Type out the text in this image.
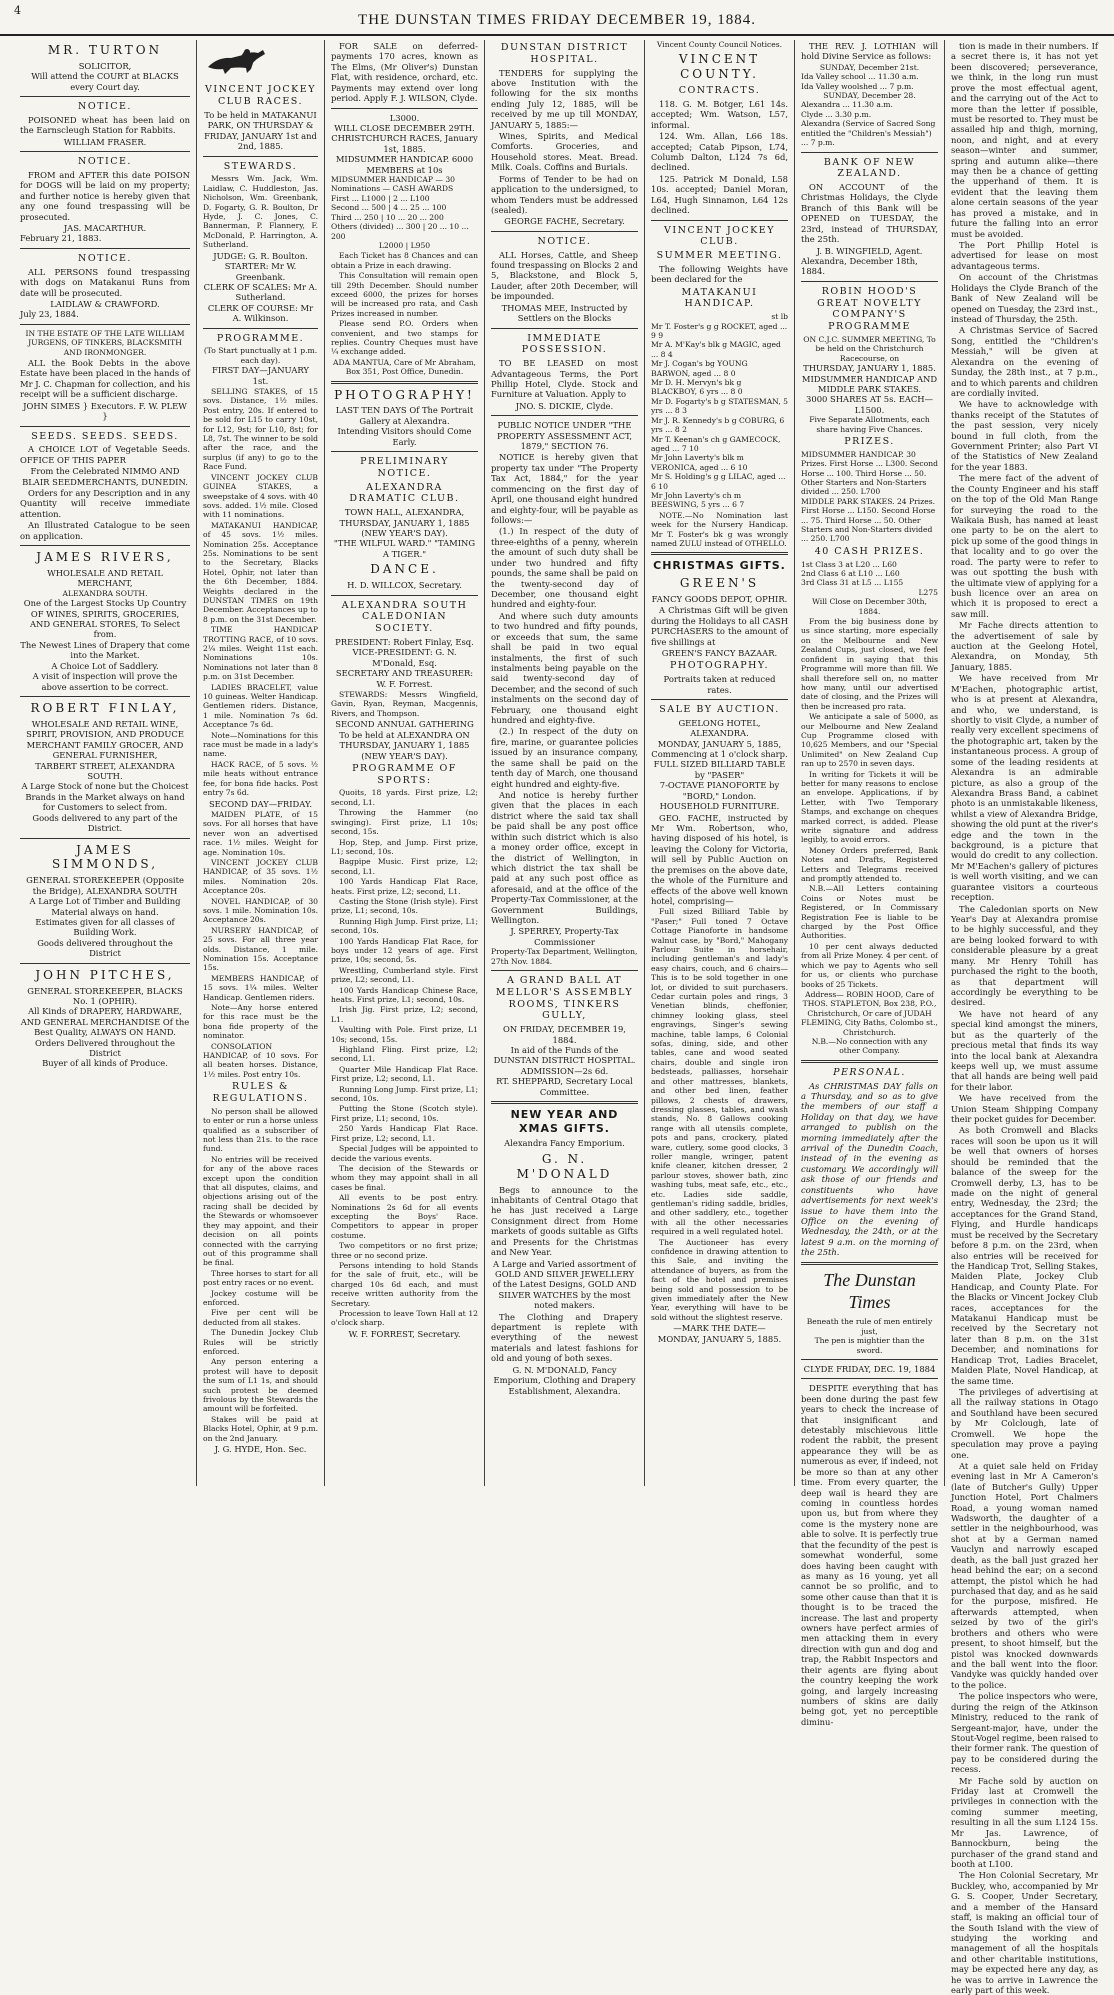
4
THE DUNSTAN TIMES FRIDAY DECEMBER 19, 1884.
MR. TURTON
SOLICITOR,
Will attend the COURT at BLACKS every Court day.
NOTICE.

POISONED wheat has been laid on the Earnscleugh Station for Rabbits.

WILLIAM FRASER.
NOTICE.

FROM and AFTER this date POISON for DOGS will be laid on my property; and further notice is hereby given that any one found trespassing will be prosecuted.

JAS. MACARTHUR.
February 21, 1883.
NOTICE.

ALL PERSONS found trespassing with dogs on Matakanui Runs from date will be prosecuted.

LAIDLAW & CRAWFORD.
July 23, 1884.
IN THE ESTATE OF THE LATE WILLIAM JURGENS, OF TINKERS, BLACKSMITH AND IRONMONGER.

ALL the Book Debts in the above Estate have been placed in the hands of Mr J. C. Chapman for collection, and his receipt will be a sufficient discharge.

JOHN SIMES } Executors. F. W. PLEW }
SEEDS. SEEDS. SEEDS.

A CHOICE LOT of Vegetable Seeds. OFFICE OF THIS PAPER

From the Celebrated NIMMO AND BLAIR SEEDMERCHANTS, DUNEDIN.

Orders for any Description and in any Quantity will receive immediate attention.

An Illustrated Catalogue to be seen on application.

JAMES RIVERS,
WHOLESALE AND RETAIL MERCHANT,
ALEXANDRA SOUTH.
One of the Largest Stocks Up Country OF WINES, SPIRITS, GROCERIES, AND GENERAL STORES, To Select from.
The Newest Lines of Drapery that come into the Market.
A Choice Lot of Saddlery.
A visit of inspection will prove the above assertion to be correct.
ROBERT FINLAY,
WHOLESALE AND RETAIL WINE, SPIRIT, PROVISION, AND PRODUCE MERCHANT FAMILY GROCER, AND GENERAL FURNISHER,
TARBERT STREET, ALEXANDRA SOUTH.
A Large Stock of none but the Choicest Brands in the Market always on hand for Customers to select from.
Goods delivered to any part of the District.
JAMES SIMMONDS,
GENERAL STOREKEEPER (Opposite the Bridge), ALEXANDRA SOUTH
A Large Lot of Timber and Building Material always on hand.
Estimates given for all classes of Building Work.
Goods delivered throughout the District
JOHN PITCHES,
GENERAL STOREKEEPER, BLACKS No. 1 (OPHIR).
All Kinds of DRAPERY, HARDWARE, AND GENERAL MERCHANDISE Of the Best Quality, ALWAYS ON HAND.
Orders Delivered throughout the District
Buyer of all kinds of Produce.
VINCENT JOCKEY CLUB RACES.
To be held in MATAKANUI PARK, ON THURSDAY & FRIDAY, JANUARY 1st and 2nd, 1885.
STEWARDS.

Messrs Wm. Jack, Wm. Laidlaw, C. Huddleston, Jas. Nicholson, Wm. Greenbank, D. Fogarty, G. R. Boulton, Dr Hyde, J. C. Jones, C. Bannerman, P. Flannery, F. McDonald, P. Harrington, A. Sutherland.

JUDGE: G. R. Boulton.
STARTER: Mr W. Greenbank.
CLERK OF SCALES: Mr A. Sutherland.
CLERK OF COURSE: Mr A. Wilkinson.
PROGRAMME.
(To Start punctually at 1 p.m. each day).
FIRST DAY—JANUARY 1st.

SELLING STAKES, of 15 sovs. Distance, 1½ miles. Post entry, 20s. If entered to be sold for L15 to carry 10st, for L12, 9st; for L10, 8st; for L8, 7st. The winner to be sold after the race, and the surplus (if any) to go to the Race Fund.

VINCENT JOCKEY CLUB GUINEA STAKES, a sweepstake of 4 sovs. with 40 sovs. added. 1½ mile. Closed with 11 nominations.

MATAKANUI HANDICAP, of 45 sovs. 1½ miles. Nomination 25s. Acceptance 25s. Nominations to be sent to the Secretary, Blacks Hotel, Ophir, not later than the 6th December, 1884. Weights declared in the DUNSTAN TIMES on 19th December. Acceptances up to 8 p.m. on the 31st December.

TIME HANDICAP TROTTING RACE, of 10 sovs. 2¼ miles. Weight 11st each. Nominations 10s. Nominations not later than 8 p.m. on 31st December.

LADIES BRACELET, value 10 guineas. Welter Handicap. Gentlemen riders. Distance, 1 mile. Nomination 7s 6d. Acceptance 7s 6d.

Note—Nominations for this race must be made in a lady's name.

HACK RACE, of 5 sovs. ½ mile heats without entrance fee, for bona fide hacks. Post entry 7s 6d.

SECOND DAY—FRIDAY.

MAIDEN PLATE, of 15 sovs. For all horses that have never won an advertised race. 1½ miles. Weight for age. Nomination 10s.

VINCENT JOCKEY CLUB HANDICAP, of 35 sovs. 1½ miles. Nomination 20s. Acceptance 20s.

NOVEL HANDICAP, of 30 sovs. 1 mile. Nomination 10s. Acceptance 20s.

NURSERY HANDICAP, of 25 sovs. For all three year olds. Distance, 1 mile. Nomination 15s. Acceptance 15s.

MEMBERS HANDICAP, of 15 sovs. 1¼ miles. Welter Handicap. Gentlemen riders.

Note—Any horse entered for this race must be the bona fide property of the nominator.

CONSOLATION HANDICAP, of 10 sovs. For all beaten horses. Distance, 1½ miles. Post entry 10s.

RULES & REGULATIONS.

No person shall be allowed to enter or run a horse unless qualified as a subscriber of not less than 21s. to the race fund.

No entries will be received for any of the above races except upon the condition that all disputes, claims, and objections arising out of the racing shall be decided by the Stewards or whomsoever they may appoint, and their decision on all points connected with the carrying out of this programme shall be final.

Three horses to start for all post entry races or no event.

Jockey costume will be enforced.

Five per cent will be deducted from all stakes.

The Dunedin Jockey Club Rules will be strictly enforced.

Any person entering a protest will have to deposit the sum of L1 1s, and should such protest be deemed frivolous by the Stewards the amount will be forfeited.

Stakes will be paid at Blacks Hotel, Ophir, at 9 p.m. on the 2nd January.

J. G. HYDE, Hon. Sec.

FOR SALE on deferred-payments 170 acres, known as The Elms, (Mr Oliver's) Dunstan Flat, with residence, orchard, etc. Payments may extend over long period. Apply F. J. WILSON, Clyde.

L3000.
WILL CLOSE DECEMBER 29TH.
CHRISTCHURCH RACES, January 1st, 1885.
MIDSUMMER HANDICAP. 6000 MEMBERS at 10s
MIDSUMMER HANDICAP — 30 Nominations — CASH AWARDS
First ... L1000 | 2 ... L100
Second ... 500 | 4 ... 25 ... 100
Third ... 250 | 10 ... 20 ... 200
Others (divided) ... 300 | 20 ... 10 ... 200
L2000 | L950

Each Ticket has 8 Chances and can obtain a Prize in each drawing.

This Consultation will remain open till 29th December. Should number exceed 6000, the prizes for horses will be increased pro rata, and Cash Prizes increased in number.

Please send P.O. Orders when convenient, and two stamps for replies. Country Cheques must have ¼ exchange added.

ADA MANTUA, Care of Mr Abraham, Box 351, Post Office, Dunedin.
PHOTOGRAPHY!
LAST TEN DAYS Of The Portrait Gallery at Alexandra.
Intending Visitors should Come Early.
PRELIMINARY NOTICE.
ALEXANDRA DRAMATIC CLUB.
TOWN HALL, ALEXANDRA, THURSDAY, JANUARY 1, 1885 (NEW YEAR'S DAY).
"THE WILFUL WARD." "TAMING A TIGER."
DANCE.
H. D. WILLCOX, Secretary.
ALEXANDRA SOUTH CALEDONIAN SOCIETY.
PRESIDENT: Robert Finlay, Esq.
VICE-PRESIDENT: G. N. M'Donald, Esq.
SECRETARY AND TREASURER: W. F. Forrest.

STEWARDS: Messrs Wingfield, Gavin, Ryan, Reyman, Macgennis, Rivers, and Thompson.

SECOND ANNUAL GATHERING To be held at ALEXANDRA ON THURSDAY, JANUARY 1, 1885 (NEW YEAR'S DAY).
PROGRAMME OF SPORTS:

Quoits, 18 yards. First prize, L2; second, L1.

Throwing the Hammer (no swinging). First prize, L1 10s; second, 15s.

Hop, Step, and Jump. First prize, L1; second, 10s.

Bagpipe Music. First prize, L2; second, L1.

100 Yards Handicap Flat Race, heats. First prize, L2; second, L1.

Casting the Stone (Irish style). First prize, L1; second, 10s.

Running High Jump. First prize, L1; second, 10s.

100 Yards Handicap Flat Race, for boys under 12 years of age. First prize, 10s; second, 5s.

Wrestling, Cumberland style. First prize, L2; second, L1.

100 Yards Handicap Chinese Race, heats. First prize, L1; second, 10s.

Irish Jig. First prize, L2; second, L1.

Vaulting with Pole. First prize, L1 10s; second, 15s.

Highland Fling. First prize, L2; second, L1.

Quarter Mile Handicap Flat Race. First prize, L2; second, L1.

Running Long Jump. First prize, L1; second, 10s.

Putting the Stone (Scotch style). First prize, L1; second, 10s.

250 Yards Handicap Flat Race. First prize, L2; second, L1.

Special Judges will be appointed to decide the various events.

The decision of the Stewards or whom they may appoint shall in all cases be final.

All events to be post entry. Nominations 2s 6d for all events excepting the Boys' Race. Competitors to appear in proper costume.

Two competitors or no first prize; three or no second prize.

Persons intending to hold Stands for the sale of fruit, etc., will be charged 10s 6d each, and must receive written authority from the Secretary.

Procession to leave Town Hall at 12 o'clock sharp.

W. F. FORREST, Secretary.
DUNSTAN DISTRICT HOSPITAL.

TENDERS for supplying the above Institution with the following for the six months ending July 12, 1885, will be received by me up till MONDAY, JANUARY 5, 1885:—

Wines, Spirits, and Medical Comforts. Groceries, and Household stores. Meat. Bread. Milk. Coals. Coffins and Burials.

Forms of Tender to be had on application to the undersigned, to whom Tenders must be addressed (sealed).

GEORGE FACHE, Secretary.
NOTICE.

ALL Horses, Cattle, and Sheep found trespassing on Blocks 2 and 5, Blackstone, and Block 5, Lauder, after 20th December, will be impounded.

THOMAS MEE, Instructed by Settlers on the Blocks
IMMEDIATE POSSESSION.

TO BE LEASED on most Advantageous Terms, the Port Phillip Hotel, Clyde. Stock and Furniture at Valuation. Apply to

JNO. S. DICKIE, Clyde.
PUBLIC NOTICE UNDER "THE PROPERTY ASSESSMENT ACT, 1879," SECTION 76.

NOTICE is hereby given that property tax under "The Property Tax Act, 1884," for the year commencing on the first day of April, one thousand eight hundred and eighty-four, will be payable as follows:—

(1.) In respect of the duty of three-eighths of a penny, wherein the amount of such duty shall be under two hundred and fifty pounds, the same shall be paid on the twenty-second day of December, one thousand eight hundred and eighty-four.

And where such duty amounts to two hundred and fifty pounds, or exceeds that sum, the same shall be paid in two equal instalments, the first of such instalments being payable on the said twenty-second day of December, and the second of such instalments on the second day of February, one thousand eight hundred and eighty-five.

(2.) In respect of the duty on fire, marine, or guarantee policies issued by an insurance company, the same shall be paid on the tenth day of March, one thousand eight hundred and eighty-five.

And notice is hereby further given that the places in each district where the said tax shall be paid shall be any post office within such district which is also a money order office, except in the district of Wellington, in which district the tax shall be paid at any such post office as aforesaid, and at the office of the Property-Tax Commissioner, at the Government Buildings, Wellington.

J. SPERREY, Property-Tax Commissioner
Property-Tax Department, Wellington, 27th Nov. 1884.
A GRAND BALL AT MELLOR'S ASSEMBLY ROOMS, TINKERS GULLY,
ON FRIDAY, DECEMBER 19, 1884.
In aid of the Funds of the DUNSTAN DISTRICT HOSPITAL.
ADMISSION—2s 6d.
RT. SHEPPARD, Secretary Local Committee.
NEW YEAR AND XMAS GIFTS.
Alexandra Fancy Emporium.
G. N. M'DONALD

Begs to announce to the inhabitants of Central Otago that he has just received a Large Consignment direct from Home markets of goods suitable as Gifts and Presents for the Christmas and New Year.

A Large and Varied assortment of GOLD AND SILVER JEWELLERY of the Latest Designs, GOLD AND SILVER WATCHES by the most noted makers.

The Clothing and Drapery department is replete with everything of the newest materials and latest fashions for old and young of both sexes.

G. N. M'DONALD, Fancy Emporium, Clothing and Drapery Establishment, Alexandra.
Vincent County Council Notices.
VINCENT COUNTY.
CONTRACTS.

118. G. M. Botger, L61 14s. accepted; Wm. Watson, L57, informal.

124. Wm. Allan, L66 18s. accepted; Catab Pipson, L74, Columb Dalton, L124 7s 6d, declined.

125. Patrick M Donald, L58 10s. accepted; Daniel Moran, L64, Hugh Sinnamon, L64 12s declined.

VINCENT JOCKEY CLUB.
SUMMER MEETING.

The following Weights have been declared for the

MATAKANUI HANDICAP.
st lb
Mr T. Foster's g g ROCKET, aged ... 9 9
Mr A. M'Kay's blk g MAGIC, aged ... 8 4
Mr J. Cogan's bg YOUNG BARWON, aged ... 8 0
Mr D. H. Mervyn's bk g BLACKBOY, 6 yrs ... 8 0
Mr D. Fogarty's b g STATESMAN, 5 yrs ... 8 3
Mr J. R. Kennedy's b g COBURG, 6 yrs ... 8 2
Mr T. Keenan's ch g GAMECOCK, aged ... 7 10
Mr John Laverty's blk m VERONICA, aged ... 6 10
Mr S. Holding's g g LILAC, aged ... 6 10
Mr John Laverty's ch m BEESWING, 5 yrs ... 6 7

NOTE.—No Nomination last week for the Nursery Handicap. Mr T. Foster's bk g was wrongly named ZULU instead of OTHELLO.

CHRISTMAS GIFTS.
GREEN'S
FANCY GOODS DEPOT, OPHIR.

A Christmas Gift will be given during the Holidays to all CASH PURCHASERS to the amount of five shillings at

GREEN'S FANCY BAZAAR.
PHOTOGRAPHY.
Portraits taken at reduced rates.
SALE BY AUCTION.
GEELONG HOTEL, ALEXANDRA.
MONDAY, JANUARY 5, 1885,
Commencing at 1 o'clock sharp.
FULL SIZED BILLIARD TABLE by "PASER"
7-OCTAVE PIANOFORTE by "BORD," London.
HOUSEHOLD FURNITURE.

GEO. FACHE, instructed by Mr Wm. Robertson, who, having disposed of his hotel, is leaving the Colony for Victoria, will sell by Public Auction on the premises on the above date, the whole of the Furniture and effects of the above well known hotel, comprising—

Full sized Billiard Table by "Paser;" Full toned 7 Octave Cottage Pianoforte in handsome walnut case, by "Bord," Mahogany Parlour Suite in horsehair, including gentleman's and lady's easy chairs, couch, and 6 chairs—This is to be sold together in one lot, or divided to suit purchasers. Cedar curtain poles and rings, 3 Venetian blinds, cheffonier, chimney looking glass, steel engravings, Singer's sewing machine, table lamps, 6 Colonial sofas, dining, side, and other tables, cane and wood seated chairs, double and single iron bedsteads, palliasses, horsehair and other mattresses, blankets, and other bed linen, feather pillows, 2 chests of drawers, dressing glasses, tables, and wash stands, No. 8 Gallows cooking range with all utensils complete, pots and pans, crockery, plated ware, cutlery, some good clocks, 3 roller mangle, wringer, patent knife cleaner, kitchen dresser, 2 parlour stoves, shower bath, zinc washing tubs, meat safe, etc., etc., etc. Ladies side saddle, gentleman's riding saddle, bridles, and other saddlery, etc., together with all the other necessaries required in a well regulated hotel.

The Auctioneer has every confidence in drawing attention to this Sale, and inviting the attendance of buyers, as from the fact of the hotel and premises being sold and possession to be given immediately after the New Year, everything will have to be sold without the slightest reserve.

—MARK THE DATE—
MONDAY, JANUARY 5, 1885.

THE REV. J. LOTHIAN will hold Divine Service as follows:

SUNDAY, December 21st.
Ida Valley school ... 11.30 a.m.
Ida Valley woolshed ... 7 p.m.
SUNDAY, December 28.
Alexandra ... 11.30 a.m.
Clyde ... 3.30 p.m.
Alexandra (Service of Sacred Song entitled the "Children's Messiah") ... 7 p.m.
BANK OF NEW ZEALAND.

ON ACCOUNT of the Christmas Holidays, the Clyde Branch of this Bank will be OPENED on TUESDAY, the 23rd, instead of THURSDAY, the 25th.

J. B. WINGFIELD, Agent.
Alexandra, December 18th, 1884.
ROBIN HOOD'S GREAT NOVELTY COMPANY'S PROGRAMME
ON C.J.C. SUMMER MEETING, To be held on the Christchurch Racecourse, on
THURSDAY, JANUARY 1, 1885.
MIDSUMMER HANDICAP AND MIDDLE PARK STAKES.
3000 SHARES AT 5s. EACH—L1500.
Five Separate Allotments, each share having Five Chances.
PRIZES.
MIDSUMMER HANDICAP. 30 Prizes. First Horse ... L300. Second Horse ... 100. Third Horse ... 50. Other Starters and Non-Starters divided ... 250. L700
MIDDLE PARK STAKES. 24 Prizes. First Horse ... L150. Second Horse ... 75. Third Horse ... 50. Other Starters and Non-Starters divided ... 250. L700
40 CASH PRIZES.
1st Class 3 at L20 ... L60
2nd Class 6 at L10 ... L60
3rd Class 31 at L5 ... L155
L275
Will Close on December 30th, 1884.

From the big business done by us since starting, more especially on the Melbourne and New Zealand Cups, just closed, we feel confident in saying that this Programme will more than fill. We shall therefore sell on, no matter how many, until our advertised date of closing, and the Prizes will then be increased pro rata.

We anticipate a sale of 5000, as our Melbourne and New Zealand Cup Programme closed with 10,625 Members, and our "Special Unlimited" on New Zealand Cup ran up to 2570 in seven days.

In writing for Tickets it will be better for many reasons to enclose an envelope. Applications, if by Letter, with Two Temporary Stamps, and exchange on cheques marked correct, is added. Please write signature and address legibly, to avoid errors.

Money Orders preferred, Bank Notes and Drafts, Registered Letters and Telegrams received and promptly attended to.

N.B.—All Letters containing Coins or Notes must be Registered, or In Commissary Registration Fee is liable to be charged by the Post Office Authorities.

10 per cent always deducted from all Prize Money. 4 per cent. of which we pay to Agents who sell for us, or clients who purchase books of 25 Tickets.

Address— ROBIN HOOD, Care of THOS. STAPLETON, Box 238, P.O., Christchurch, Or care of JUDAH FLEMING, City Baths, Colombo st., Christchurch.
N.B.—No connection with any other Company.
PERSONAL.

As CHRISTMAS DAY falls on a Thursday, and so as to give the members of our staff a Holiday on that day, we have arranged to publish on the morning immediately after the arrival of the Dunedin Coach, instead of in the evening as customary. We accordingly will ask those of our friends and constituents who have advertisements for next week's issue to have them into the Office on the evening of Wednesday, the 24th, or at the latest 9 a.m. on the morning of the 25th.

The Dunstan Times
Beneath the rule of men entirely just,
The pen is mightier than the sword.
CLYDE FRIDAY, DEC. 19, 1884

DESPITE everything that has been done during the past few years to check the increase of that insignificant and detestably mischievous little rodent the rabbit, the present appearance they will be as numerous as ever, if indeed, not be more so than at any other time. From every quarter, the deep wail is heard they are coming in countless hordes upon us, but from where they come is the mystery none are able to solve. It is perfectly true that the fecundity of the pest is somewhat wonderful, some does having been caught with as many as 16 young, yet all cannot be so prolific, and to some other cause than that it is thought is to be traced the increase. The last and property owners have perfect armies of men attacking them in every direction with gun and dog and trap, the Rabbit Inspectors and their agents are flying about the country keeping the work going, and largely increasing numbers of skins are daily being got, yet no perceptible diminu-

tion is made in their numbers. If a secret there is, it has not yet been discovered; perseverance, we think, in the long run must prove the most effectual agent, and the carrying out of the Act to more than the letter if possible, must be resorted to. They must be assailed hip and thigh, morning, noon, and night, and at every season—winter and summer, spring and autumn alike—there may then be a chance of getting the upperhand of them. It is evident that the leaving them alone certain seasons of the year has proved a mistake, and in future the falling into an error must be avoided.

The Port Phillip Hotel is advertised for lease on most advantageous terms.

On account of the Christmas Holidays the Clyde Branch of the Bank of New Zealand will be opened on Tuesday, the 23rd inst., instead of Thursday, the 25th.

A Christmas Service of Sacred Song, entitled the "Children's Messiah," will be given at Alexandra on the evening of Sunday, the 28th inst., at 7 p.m., and to which parents and children are cordially invited.

We have to acknowledge with thanks receipt of the Statutes of the past session, very nicely bound in full cloth, from the Government Printer; also Part VI of the Statistics of New Zealand for the year 1883.

The mere fact of the advent of the County Engineer and his staff on the top of the Old Man Range for surveying the road to the Waikaia Bush, has named at least one party to be on the alert to pick up some of the good things in that locality and to go over the road. The party were to refer to was out spotting the bush with the ultimate view of applying for a bush licence over an area on which it is proposed to erect a saw mill.

Mr Fache directs attention to the advertisement of sale by auction at the Geelong Hotel, Alexandra, on Monday, 5th January, 1885.

We have received from Mr M'Eachen, photographic artist, who is at present at Alexandra, and who, we understand, is shortly to visit Clyde, a number of really very excellent specimens of the photographic art, taken by the instantaneous process. A group of some of the leading residents at Alexandra is an admirable picture, as also a group of the Alexandra Brass Band, a cabinet photo is an unmistakable likeness, whilst a view of Alexandra Bridge, showing the old punt at the river's edge and the town in the background, is a picture that would do credit to any collection. Mr M'Eachen's gallery of pictures is well worth visiting, and we can guarantee visitors a courteous reception.

The Caledonian sports on New Year's Day at Alexandra promise to be highly successful, and they are being looked forward to with considerable pleasure by a great many. Mr Henry Tohill has purchased the right to the booth, as that department will accordingly be everything to be desired.

We have not heard of any special kind amongst the miners, but as the quarterly of the precious metal that finds its way into the local bank at Alexandra keeps well up, we must assume that all hands are being well paid for their labor.

We have received from the Union Steam Shipping Company their pocket guides for December.

As both Cromwell and Blacks races will soon be upon us it will be well that owners of horses should be reminded that the balance of the sweep for the Cromwell derby, L3, has to be made on the night of general entry, Wednesday, the 23rd; the acceptances for the Grand Stand, Flying, and Hurdle handicaps must be received by the Secretary before 8 p.m. on the 23rd, when also entries will be received for the Handicap Trot, Selling Stakes, Maiden Plate, Jockey Club Handicap, and County Plate. For the Blacks or Vincent Jockey Club races, acceptances for the Matakanui Handicap must be received by the Secretary not later than 8 p.m. on the 31st December, and nominations for Handicap Trot, Ladies Bracelet, Maiden Plate, Novel Handicap, at the same time.

The privileges of advertising at all the railway stations in Otago and Southland have been secured by Mr Colclough, late of Cromwell. We hope the speculation may prove a paying one.

At a quiet sale held on Friday evening last in Mr A Cameron's (late of Butcher's Gully) Upper Junction Hotel, Port Chalmers Road, a young woman named Wadsworth, the daughter of a settler in the neighbourhood, was shot at by a German named Vauclyn and narrowly escaped death, as the ball just grazed her head behind the ear; on a second attempt, the pistol which he had purchased that day, and as he said for the purpose, misfired. He afterwards attempted, when seized by two of the girl's brothers and others who were present, to shoot himself, but the pistol was knocked downwards and the ball went into the floor. Vandyke was quickly handed over to the police.

The police inspectors who were, during the reign of the Atkinson Ministry, reduced to the rank of Sergeant-major, have, under the Stout-Vogel regime, been raised to their former rank. The question of pay to be considered during the recess.

Mr Fache sold by auction on Friday last at Cromwell the privileges in connection with the coming summer meeting, resulting in all the sum L124 15s. Mr Jas. Lawrence, of Bannockburn, being the purchaser of the grand stand and booth at L100.

The Hon Colonial Secretary, Mr Buckley, who, accompanied by Mr G. S. Cooper, Under Secretary, and a member of the Hansard staff, is making an official tour of the South Island with the view of studying the working and management of all the hospitals and other charitable institutions, may be expected here any day, as he was to arrive in Lawrence the early part of this week.
